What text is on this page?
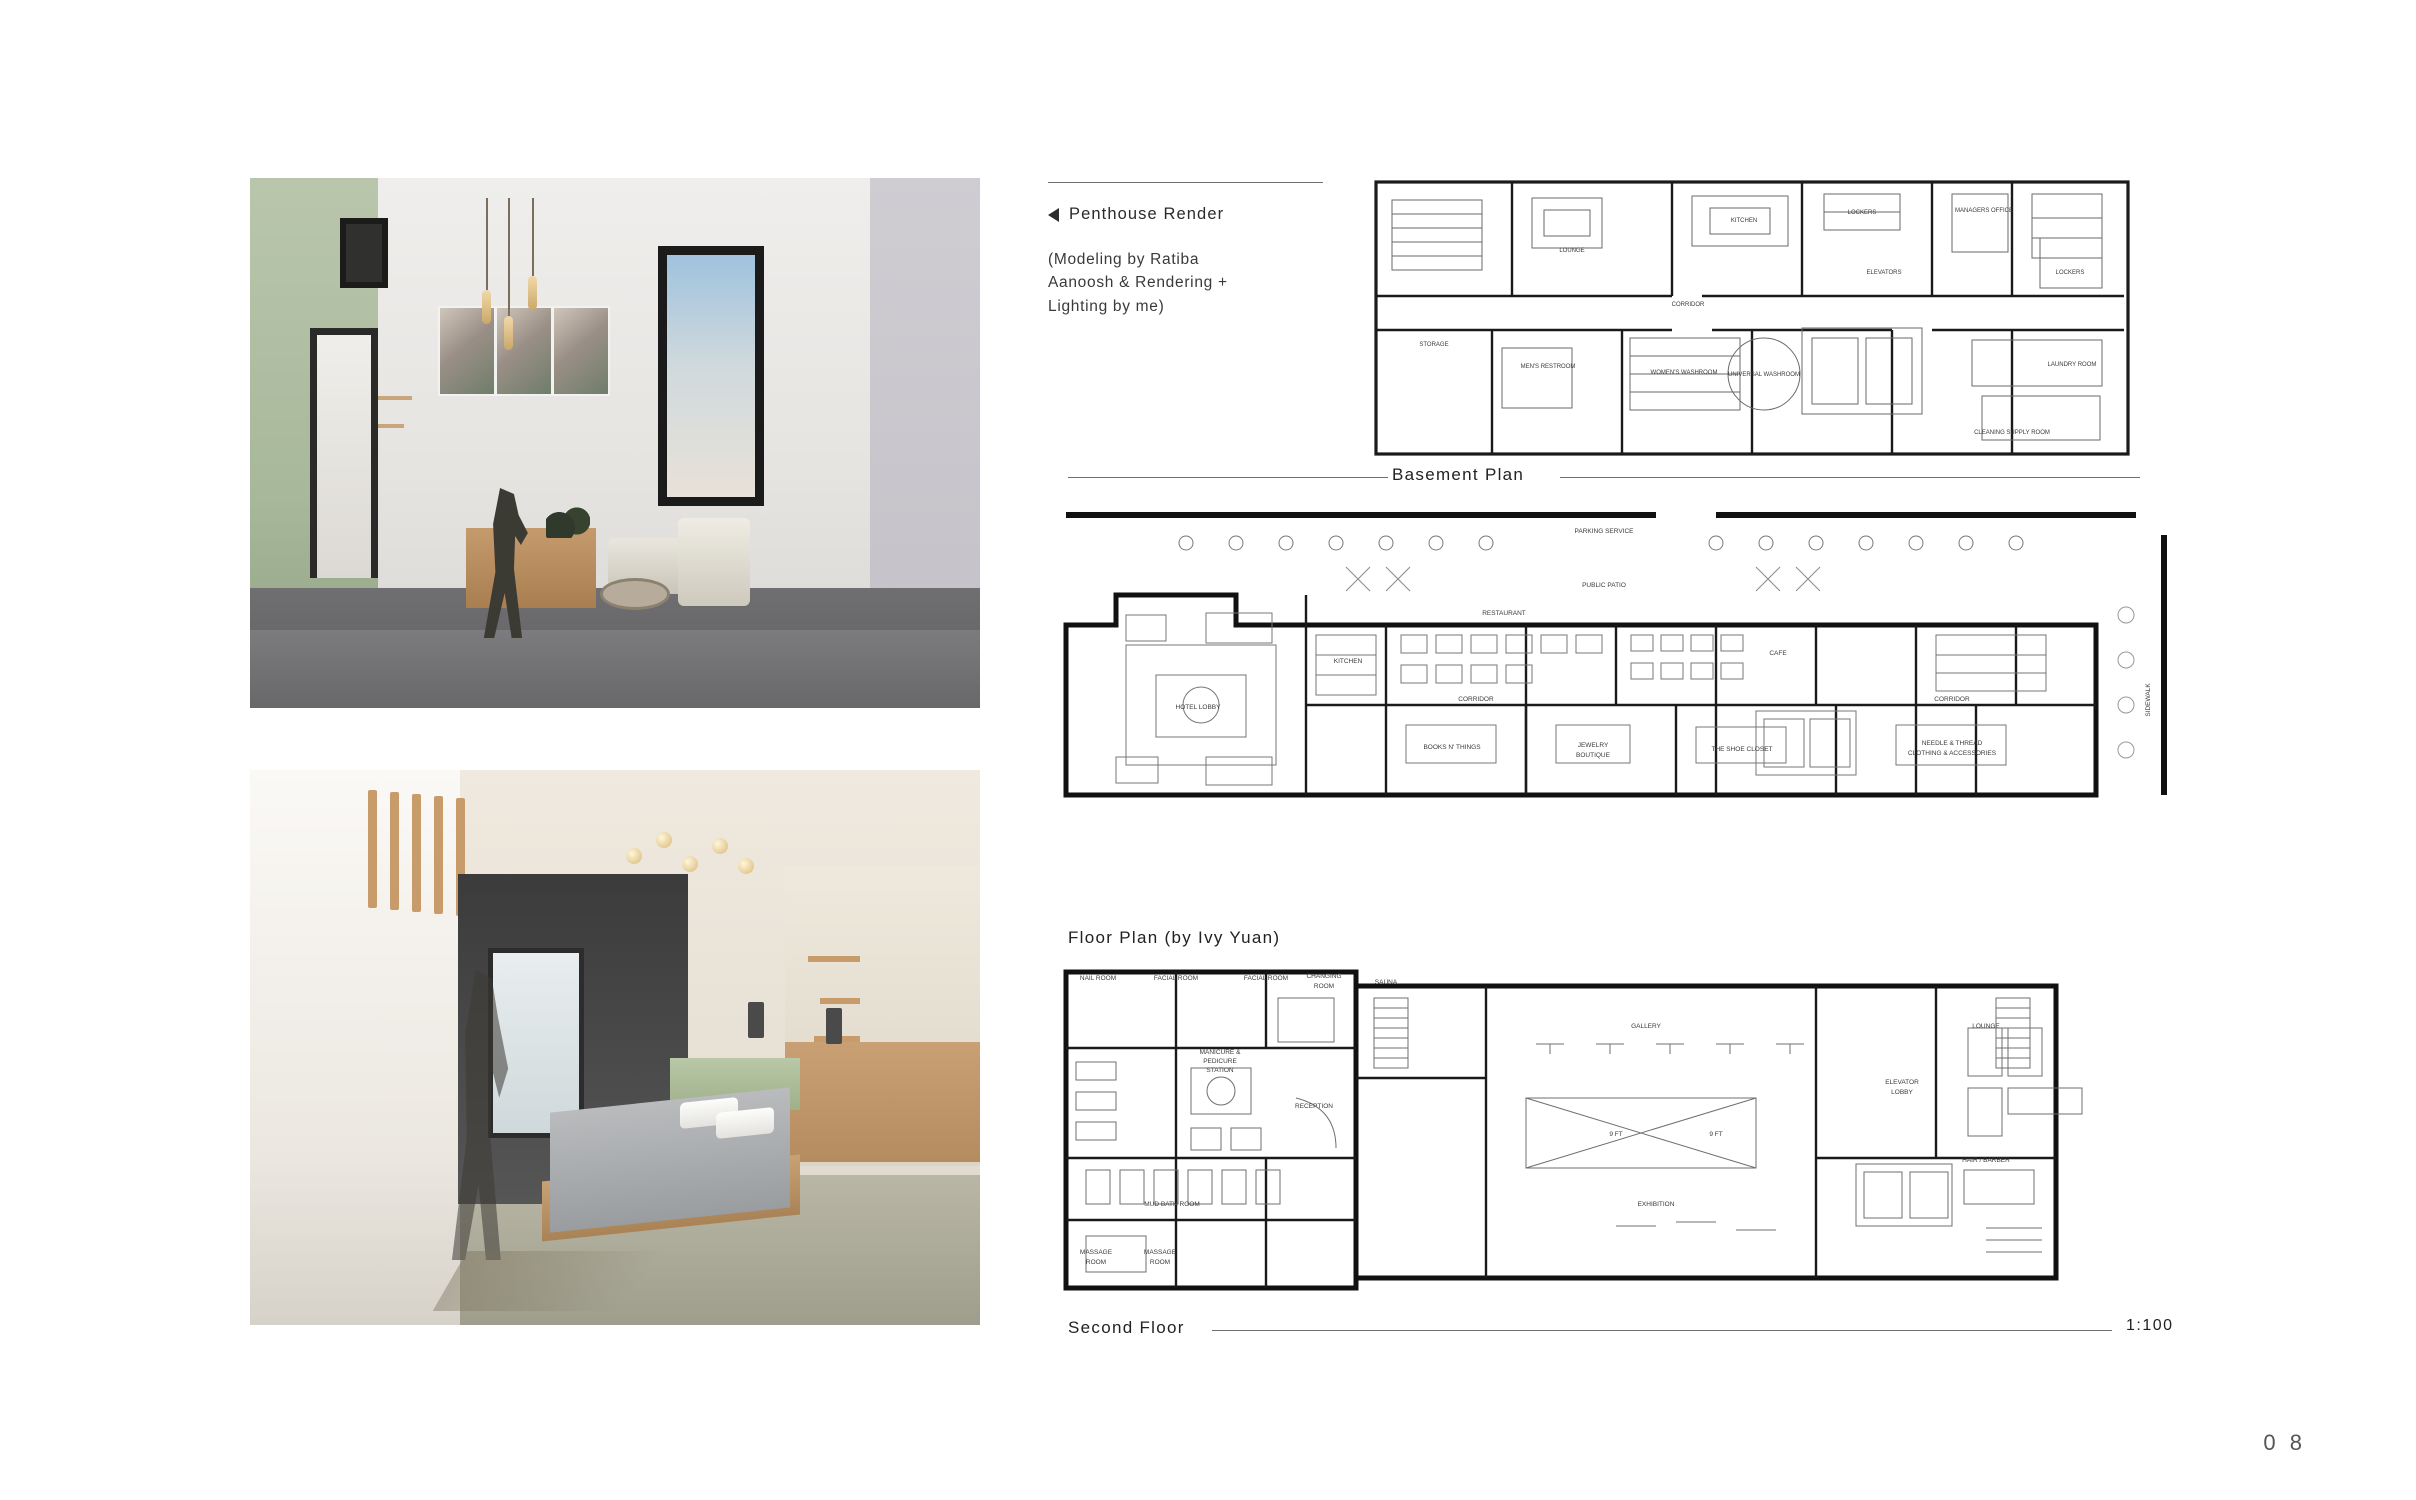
Penthouse Render
(Modeling by Ratiba
Aanoosh & Rendering +
Lighting by me)
LOUNGE
KITCHEN
LOCKERS	MANAGERS OFFICE
CORRIDOR
ELEVATORS	LOCKERS
STORAGE
MEN'S RESTROOM
WOMEN'S WASHROOM UNIVERSAL WASHROOM
LAUNDRY ROOM
CLEANING SUPPLY ROOM
Basement Plan
PARKING SERVICE
PUBLIC PATIO
HOTEL LOBBY
KITCHEN
RESTAURANT
CAFE
CORRIDOR	CORRIDOR
BOOKS N' THINGS	JEWELRY
BOUTIQUE
THE SHOE CLOSET
NEEDLE & THREAD
CLOTHING & ACCESSORIES
SIDEWALK
Floor Plan (by Ivy Yuan)
NAIL ROOM	FACIAL ROOM	FACIAL ROOM	CHANGING
ROOM
SAUNA
MANICURE &
PEDICURE
STATION
RECEPTION
GALLERY
9 FT	9 FT
LOUNGE
ELEVATOR
LOBBY
HAIR / BARBER
MUD BATH ROOM	EXHIBITION
MASSAGE
ROOM
MASSAGE
ROOM
Second Floor	1:100
0 8
